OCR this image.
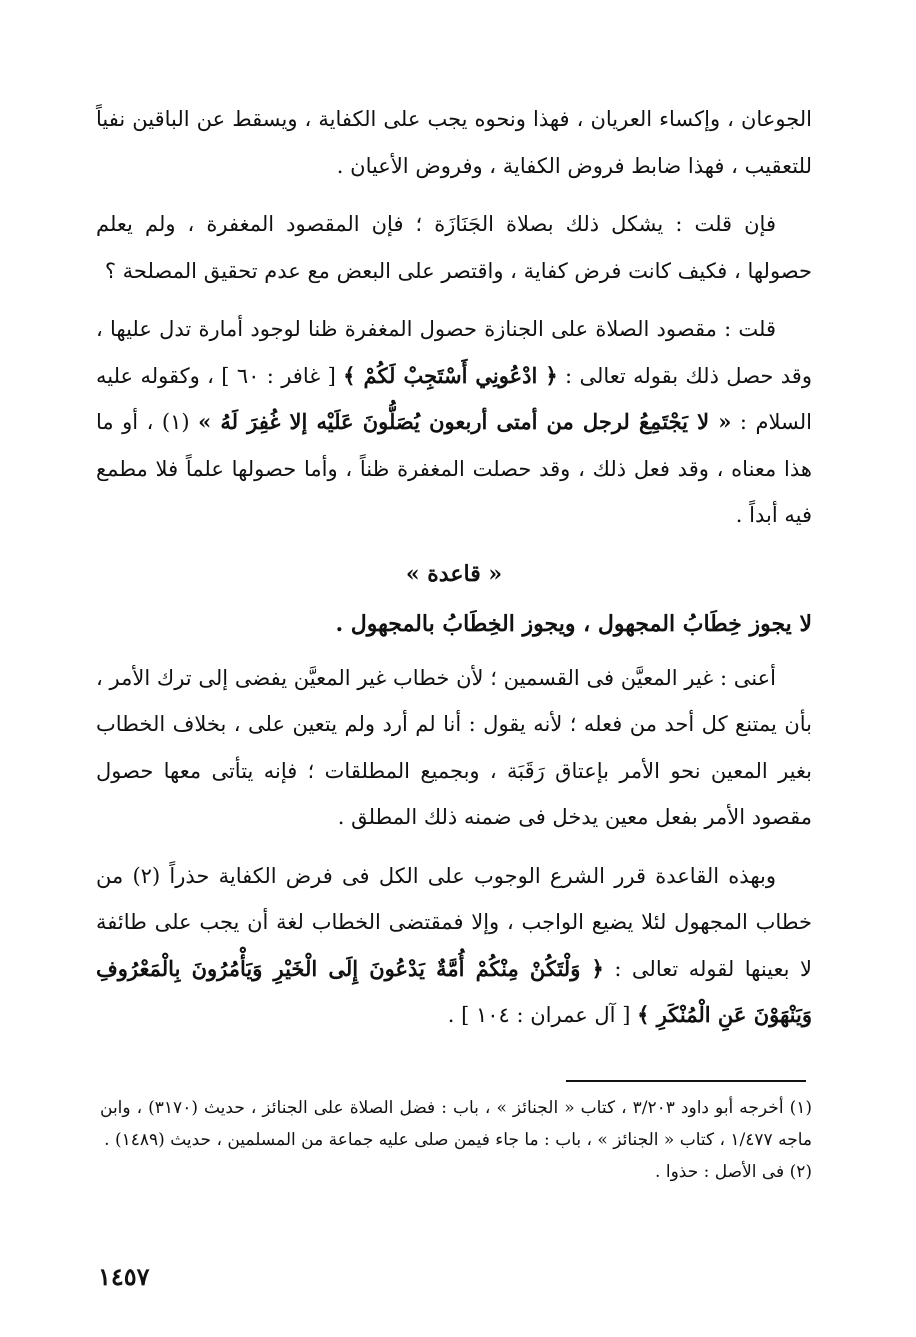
الجوعان ، وإكساء العريان ، فهذا ونحوه يجب على الكفاية ، ويسقط عن الباقين نفياً للتعقيب ، فهذا ضابط فروض الكفاية ، وفروض الأعيان .

فإن قلت : يشكل ذلك بصلاة الجَنَازَة ؛ فإن المقصود المغفرة ، ولم يعلم حصولها ، فكيف كانت فرض كفاية ، واقتصر على البعض مع عدم تحقيق المصلحة ؟

قلت : مقصود الصلاة على الجنازة حصول المغفرة ظنا لوجود أمارة تدل عليها ، وقد حصل ذلك بقوله تعالى : ﴿ ادْعُونِي أَسْتَجِبْ لَكُمْ ﴾ [ غافر : ٦٠ ] ، وكقوله عليه السلام : « لا يَجْتَمِعُ لرجل من أمتى أربعون يُصَلُّونَ عَلَيْه إلا غُفِرَ لَهُ » (١) ، أو ما هذا معناه ، وقد فعل ذلك ، وقد حصلت المغفرة ظناً ، وأما حصولها علماً فلا مطمع فيه أبداً .

« قاعدة »

لا يجوز خِطَابُ المجهول ، ويجوز الخِطَابُ بالمجهول .

أعنى : غير المعيَّن فى القسمين ؛ لأن خطاب غير المعيَّن يفضى إلى ترك الأمر ، بأن يمتنع كل أحد من فعله ؛ لأنه يقول : أنا لم أرد ولم يتعين على ، بخلاف الخطاب بغير المعين نحو الأمر بإعتاق رَقَبَة ، وبجميع المطلقات ؛ فإنه يتأتى معها حصول مقصود الأمر بفعل معين يدخل فى ضمنه ذلك المطلق .

وبهذه القاعدة قرر الشرع الوجوب على الكل فى فرض الكفاية حذراً (٢) من خطاب المجهول لئلا يضيع الواجب ، وإلا فمقتضى الخطاب لغة أن يجب على طائفة لا بعينها لقوله تعالى : ﴿ وَلْتَكُنْ مِنْكُمْ أُمَّةٌ يَدْعُونَ إِلَى الْخَيْرِ وَيَأْمُرُونَ بِالْمَعْرُوفِ وَيَنْهَوْنَ عَنِ الْمُنْكَرِ ﴾ [ آل عمران : ١٠٤ ] .

(١) أخرجه أبو داود ٣/٢٠٣ ، كتاب « الجنائز » ، باب : فضل الصلاة على الجنائز ، حديث (٣١٧٠) ، وابن ماجه ١/٤٧٧ ، كتاب « الجنائز » ، باب : ما جاء فيمن صلى عليه جماعة من المسلمين ، حديث (١٤٨٩) .

(٢) فى الأصل : حذوا .

١٤٥٧
